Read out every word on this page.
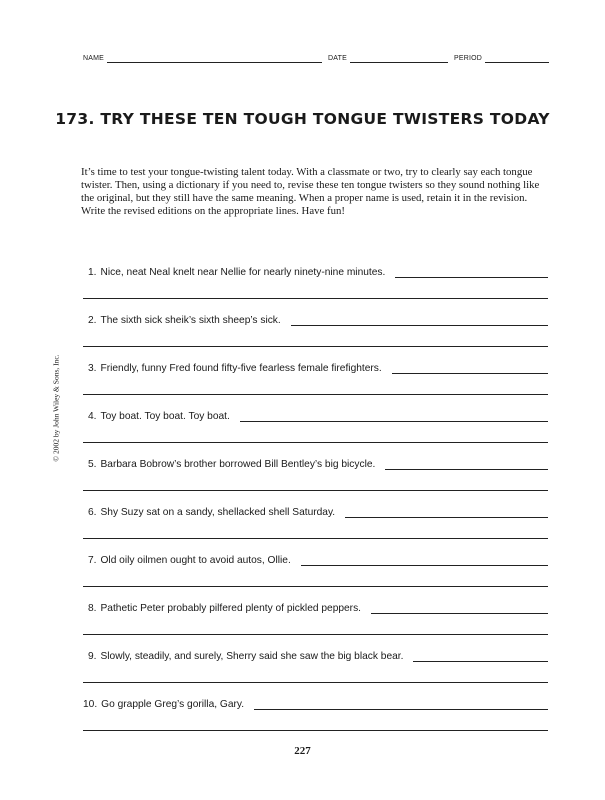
NAME	DATE	PERIOD
173. TRY THESE TEN TOUGH TONGUE TWISTERS TODAY
It’s time to test your tongue-twisting talent today. With a classmate or two, try to clearly say each tongue twister. Then, using a dictionary if you need to, revise these ten tongue twisters so they sound nothing like the original, but they still have the same meaning. When a proper name is used, retain it in the revision. Write the revised editions on the appropriate lines. Have fun!
© 2002 by John Wiley & Sons, Inc.
1. Nice, neat Neal knelt near Nellie for nearly ninety-nine minutes.
2. The sixth sick sheik’s sixth sheep’s sick.
3. Friendly, funny Fred found fifty-five fearless female firefighters.
4. Toy boat. Toy boat. Toy boat.
5. Barbara Bobrow’s brother borrowed Bill Bentley’s big bicycle.
6. Shy Suzy sat on a sandy, shellacked shell Saturday.
7. Old oily oilmen ought to avoid autos, Ollie.
8. Pathetic Peter probably pilfered plenty of pickled peppers.
9. Slowly, steadily, and surely, Sherry said she saw the big black bear.
10. Go grapple Greg’s gorilla, Gary.
227
